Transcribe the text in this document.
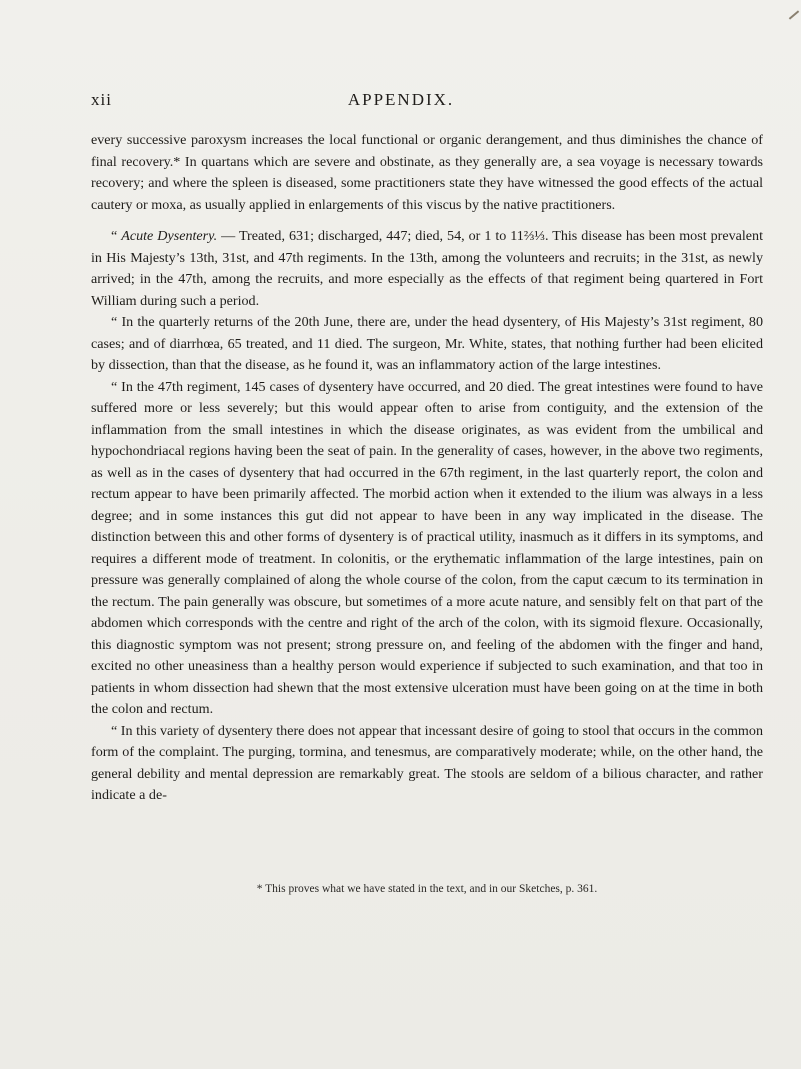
xii	APPENDIX.

every successive paroxysm increases the local functional or organic derangement, and thus diminishes the chance of final recovery.* In quartans which are severe and obstinate, as they generally are, a sea voyage is necessary towards recovery; and where the spleen is diseased, some practitioners state they have witnessed the good effects of the actual cautery or moxa, as usually applied in enlargements of this viscus by the native practitioners.

“ Acute Dysentery. — Treated, 631; discharged, 447; died, 54, or 1 to 11⅔⅓. This disease has been most prevalent in His Majesty’s 13th, 31st, and 47th regiments. In the 13th, among the volunteers and recruits; in the 31st, as newly arrived; in the 47th, among the recruits, and more especially as the effects of that regiment being quartered in Fort William during such a period.

“ In the quarterly returns of the 20th June, there are, under the head dysentery, of His Majesty’s 31st regiment, 80 cases; and of diarrhœa, 65 treated, and 11 died. The surgeon, Mr. White, states, that nothing further had been elicited by dissection, than that the disease, as he found it, was an inflammatory action of the large intestines.

“ In the 47th regiment, 145 cases of dysentery have occurred, and 20 died. The great intestines were found to have suffered more or less severely; but this would appear often to arise from contiguity, and the extension of the inflammation from the small intestines in which the disease originates, as was evident from the umbilical and hypochondriacal regions having been the seat of pain. In the generality of cases, however, in the above two regiments, as well as in the cases of dysentery that had occurred in the 67th regiment, in the last quarterly report, the colon and rectum appear to have been primarily affected. The morbid action when it extended to the ilium was always in a less degree; and in some instances this gut did not appear to have been in any way implicated in the disease. The distinction between this and other forms of dysentery is of practical utility, inasmuch as it differs in its symptoms, and requires a different mode of treatment. In colonitis, or the erythematic inflammation of the large intestines, pain on pressure was generally complained of along the whole course of the colon, from the caput cæcum to its termination in the rectum. The pain generally was obscure, but sometimes of a more acute nature, and sensibly felt on that part of the abdomen which corresponds with the centre and right of the arch of the colon, with its sigmoid flexure. Occasionally, this diagnostic symptom was not present; strong pressure on, and feeling of the abdomen with the finger and hand, excited no other uneasiness than a healthy person would experience if subjected to such examination, and that too in patients in whom dissection had shewn that the most extensive ulceration must have been going on at the time in both the colon and rectum.

“ In this variety of dysentery there does not appear that incessant desire of going to stool that occurs in the common form of the complaint. The purging, tormina, and tenesmus, are comparatively moderate; while, on the other hand, the general debility and mental depression are remarkably great. The stools are seldom of a bilious character, and rather indicate a de-

* This proves what we have stated in the text, and in our Sketches, p. 361.
